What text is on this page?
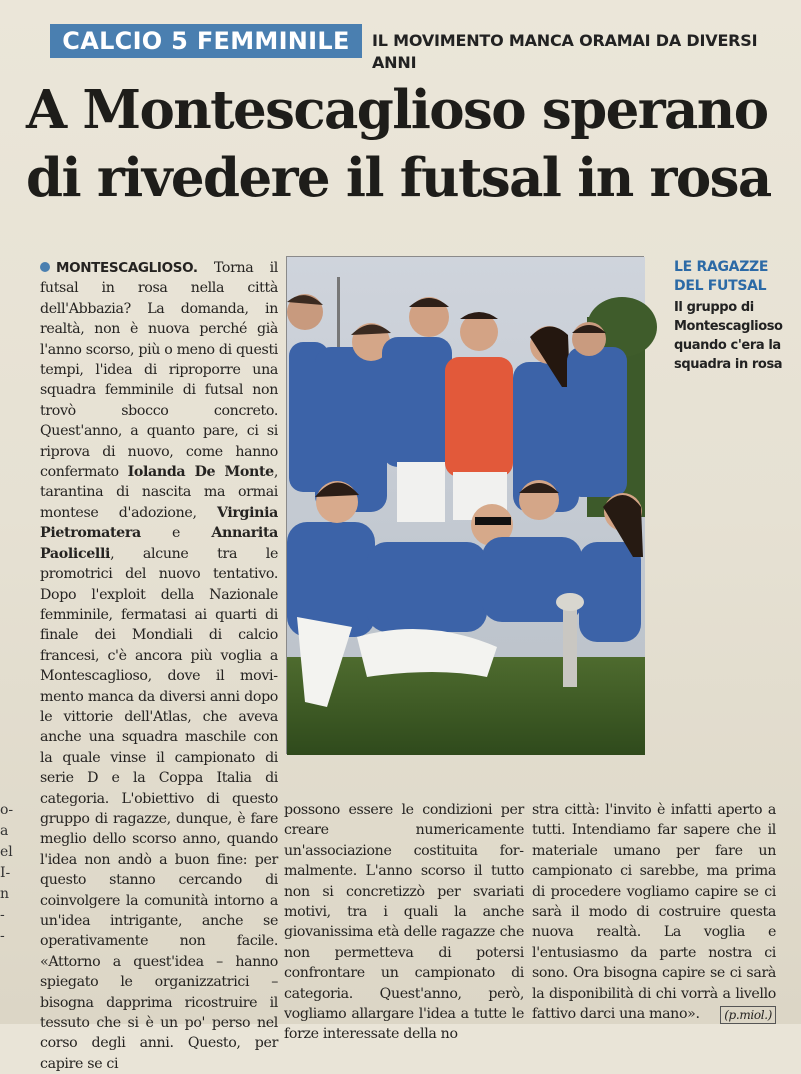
CALCIO 5 FEMMINILE	IL MOVIMENTO MANCA ORAMAI DA DIVERSI ANNI
A Montescaglioso sperano
di rivedere il futsal in rosa
MONTESCAGLIOSO. Torna il futsal in rosa nella città dell'Abbazia? La domanda, in realtà, non è nuova perché già l'anno scorso, più o meno di questi tempi, l'idea di riproporre una squadra femminile di futsal non trovò sbocco concreto. Quest'anno, a quanto pare, ci si riprova di nuovo, come hanno confermato Iolanda De Monte, tarantina di nascita ma ormai montese d'adozione, Virginia Pietromatera e Annarita Paolicelli, alcune tra le promotrici del nuovo tentativo. Dopo l'exploit della Nazionale femminile, fermatasi ai quarti di finale dei Mondiali di calcio francesi, c'è ancora più voglia a Montescaglioso, dove il movimento manca da diversi anni dopo le vittorie dell'Atlas, che aveva anche una squadra maschile con la quale vinse il campionato di serie D e la Coppa Italia di categoria. L'obiettivo di questo gruppo di ragazze, dunque, è fare meglio dello scorso anno, quando l'idea non andò a buon fine: per questo stanno cercando di coinvolgere la comunità intorno a un'idea intrigante, anche se operativamente non facile. «Attorno a quest'idea – hanno spiegato le organizzatrici – bisogna dapprima ricostruire il tessuto che si è un po' perso nel corso degli anni. Questo, per capire se ci
possono essere le condizioni per creare numericamente un'associazione costituita formalmente. L'anno scorso il tutto non si concretizzò per svariati motivi, tra i quali la anche giovanissima età delle ragazze che non permetteva di potersi confrontare un campionato di categoria. Quest'anno, però, vogliamo allargare l'idea a tutte le forze interessate della no
stra città: l'invito è infatti aperto a tutti. Intendiamo far sapere che il materiale umano per fare un campionato ci sarebbe, ma prima di procedere vogliamo capire se ci sarà il modo di costruire questa nuova realtà. La voglia e l'entusiasmo da parte nostra ci sono. Ora bisogna capire se ci sarà la disponibilità di chi vorrà a livello fattivo darci una mano».	(p.miol.)
o-
a
el
I-
n
-
-
LE RAGAZZE DEL FUTSAL
Il gruppo di Montescaglioso quando c'era la squadra in rosa
